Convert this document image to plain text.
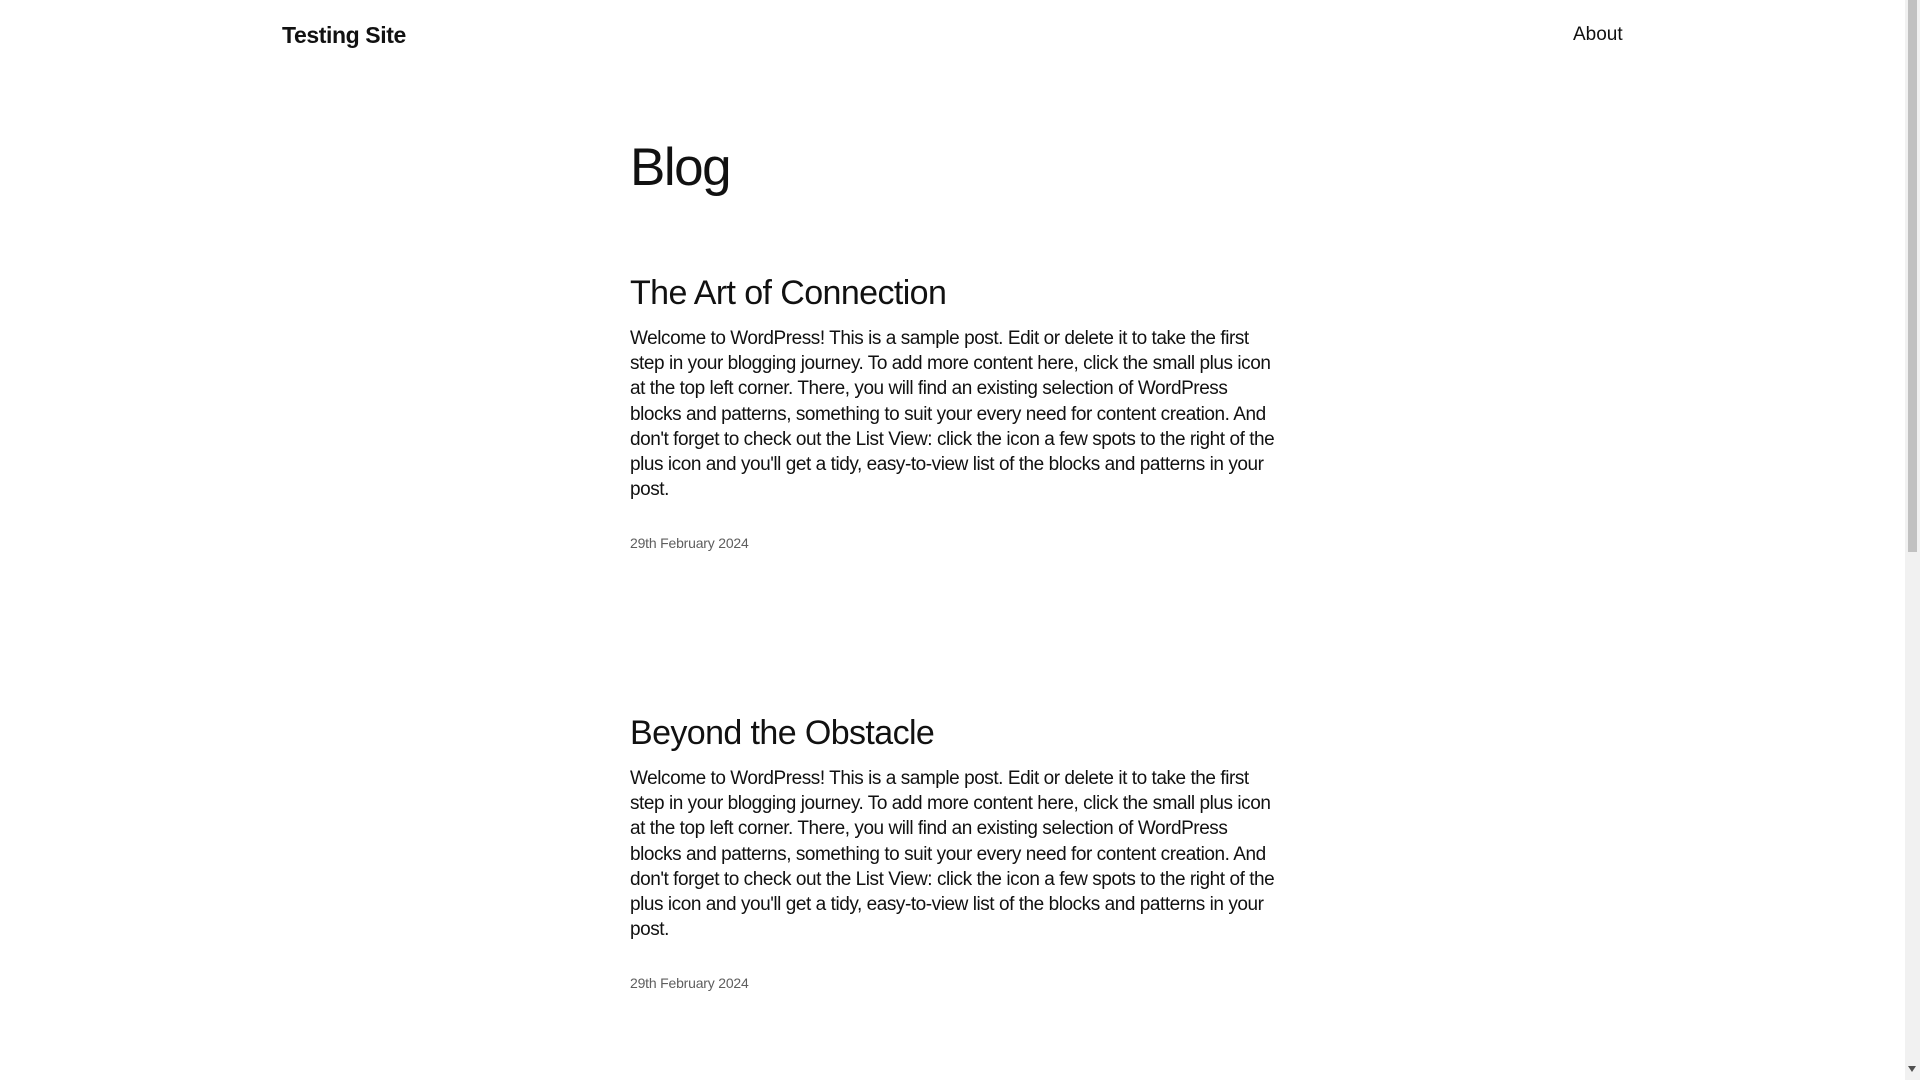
Testing Site	About
Blog
The Art of Connection

Welcome to WordPress! This is a sample post. Edit or delete it to take the first step in your blogging journey. To add more content here, click the small plus icon at the top left corner. There, you will find an existing selection of WordPress blocks and patterns, something to suit your every need for content creation. And don't forget to check out the List View: click the icon a few spots to the right of the plus icon and you'll get a tidy, easy-to-view list of the blocks and patterns in your post.

29th February 2024
Beyond the Obstacle

Welcome to WordPress! This is a sample post. Edit or delete it to take the first step in your blogging journey. To add more content here, click the small plus icon at the top left corner. There, you will find an existing selection of WordPress blocks and patterns, something to suit your every need for content creation. And don't forget to check out the List View: click the icon a few spots to the right of the plus icon and you'll get a tidy, easy-to-view list of the blocks and patterns in your post.

29th February 2024
